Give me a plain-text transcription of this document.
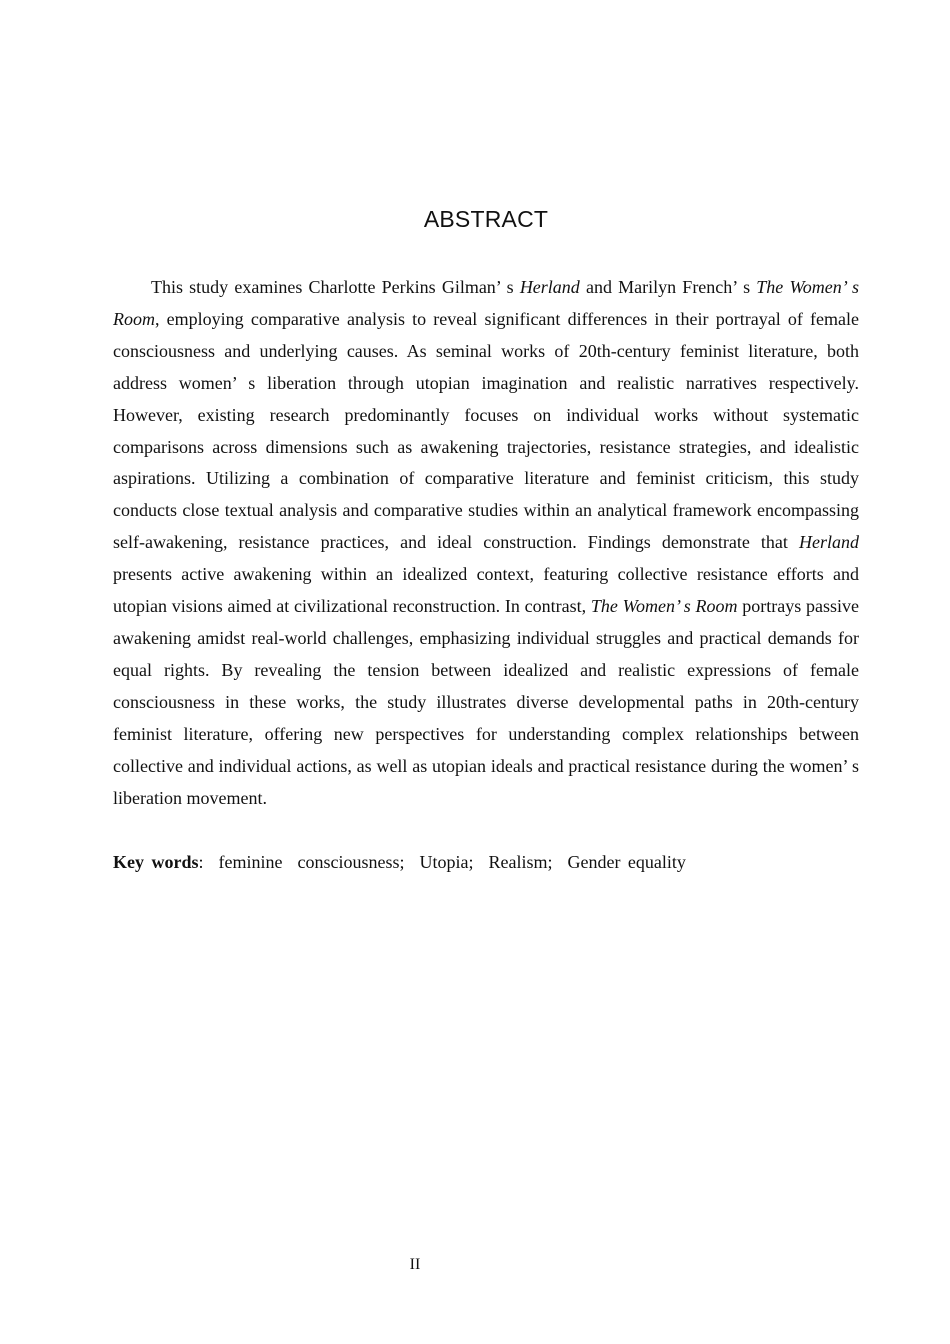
ABSTRACT

This study examines Charlotte Perkins Gilman’ s Herland and Marilyn French’ s The Women’ s Room, employing comparative analysis to reveal significant differences in their portrayal of female consciousness and underlying causes. As seminal works of 20th-century feminist literature, both address women’ s liberation through utopian imagination and realistic narratives respectively. However, existing research predominantly focuses on individual works without systematic comparisons across dimensions such as awakening trajectories, resistance strategies, and idealistic aspirations. Utilizing a combination of comparative literature and feminist criticism, this study conducts close textual analysis and comparative studies within an analytical framework encompassing self-awakening, resistance practices, and ideal construction. Findings demonstrate that Herland presents active awakening within an idealized context, featuring collective resistance efforts and utopian visions aimed at civilizational reconstruction. In contrast, The Women’ s Room portrays passive awakening amidst real-world challenges, emphasizing individual struggles and practical demands for equal rights. By revealing the tension between idealized and realistic expressions of female consciousness in these works, the study illustrates diverse developmental paths in 20th-century feminist literature, offering new perspectives for understanding complex relationships between collective and individual actions, as well as utopian ideals and practical resistance during the women’ s liberation movement.

Key words:  feminine  consciousness;  Utopia;  Realism;  Gender equality

II
